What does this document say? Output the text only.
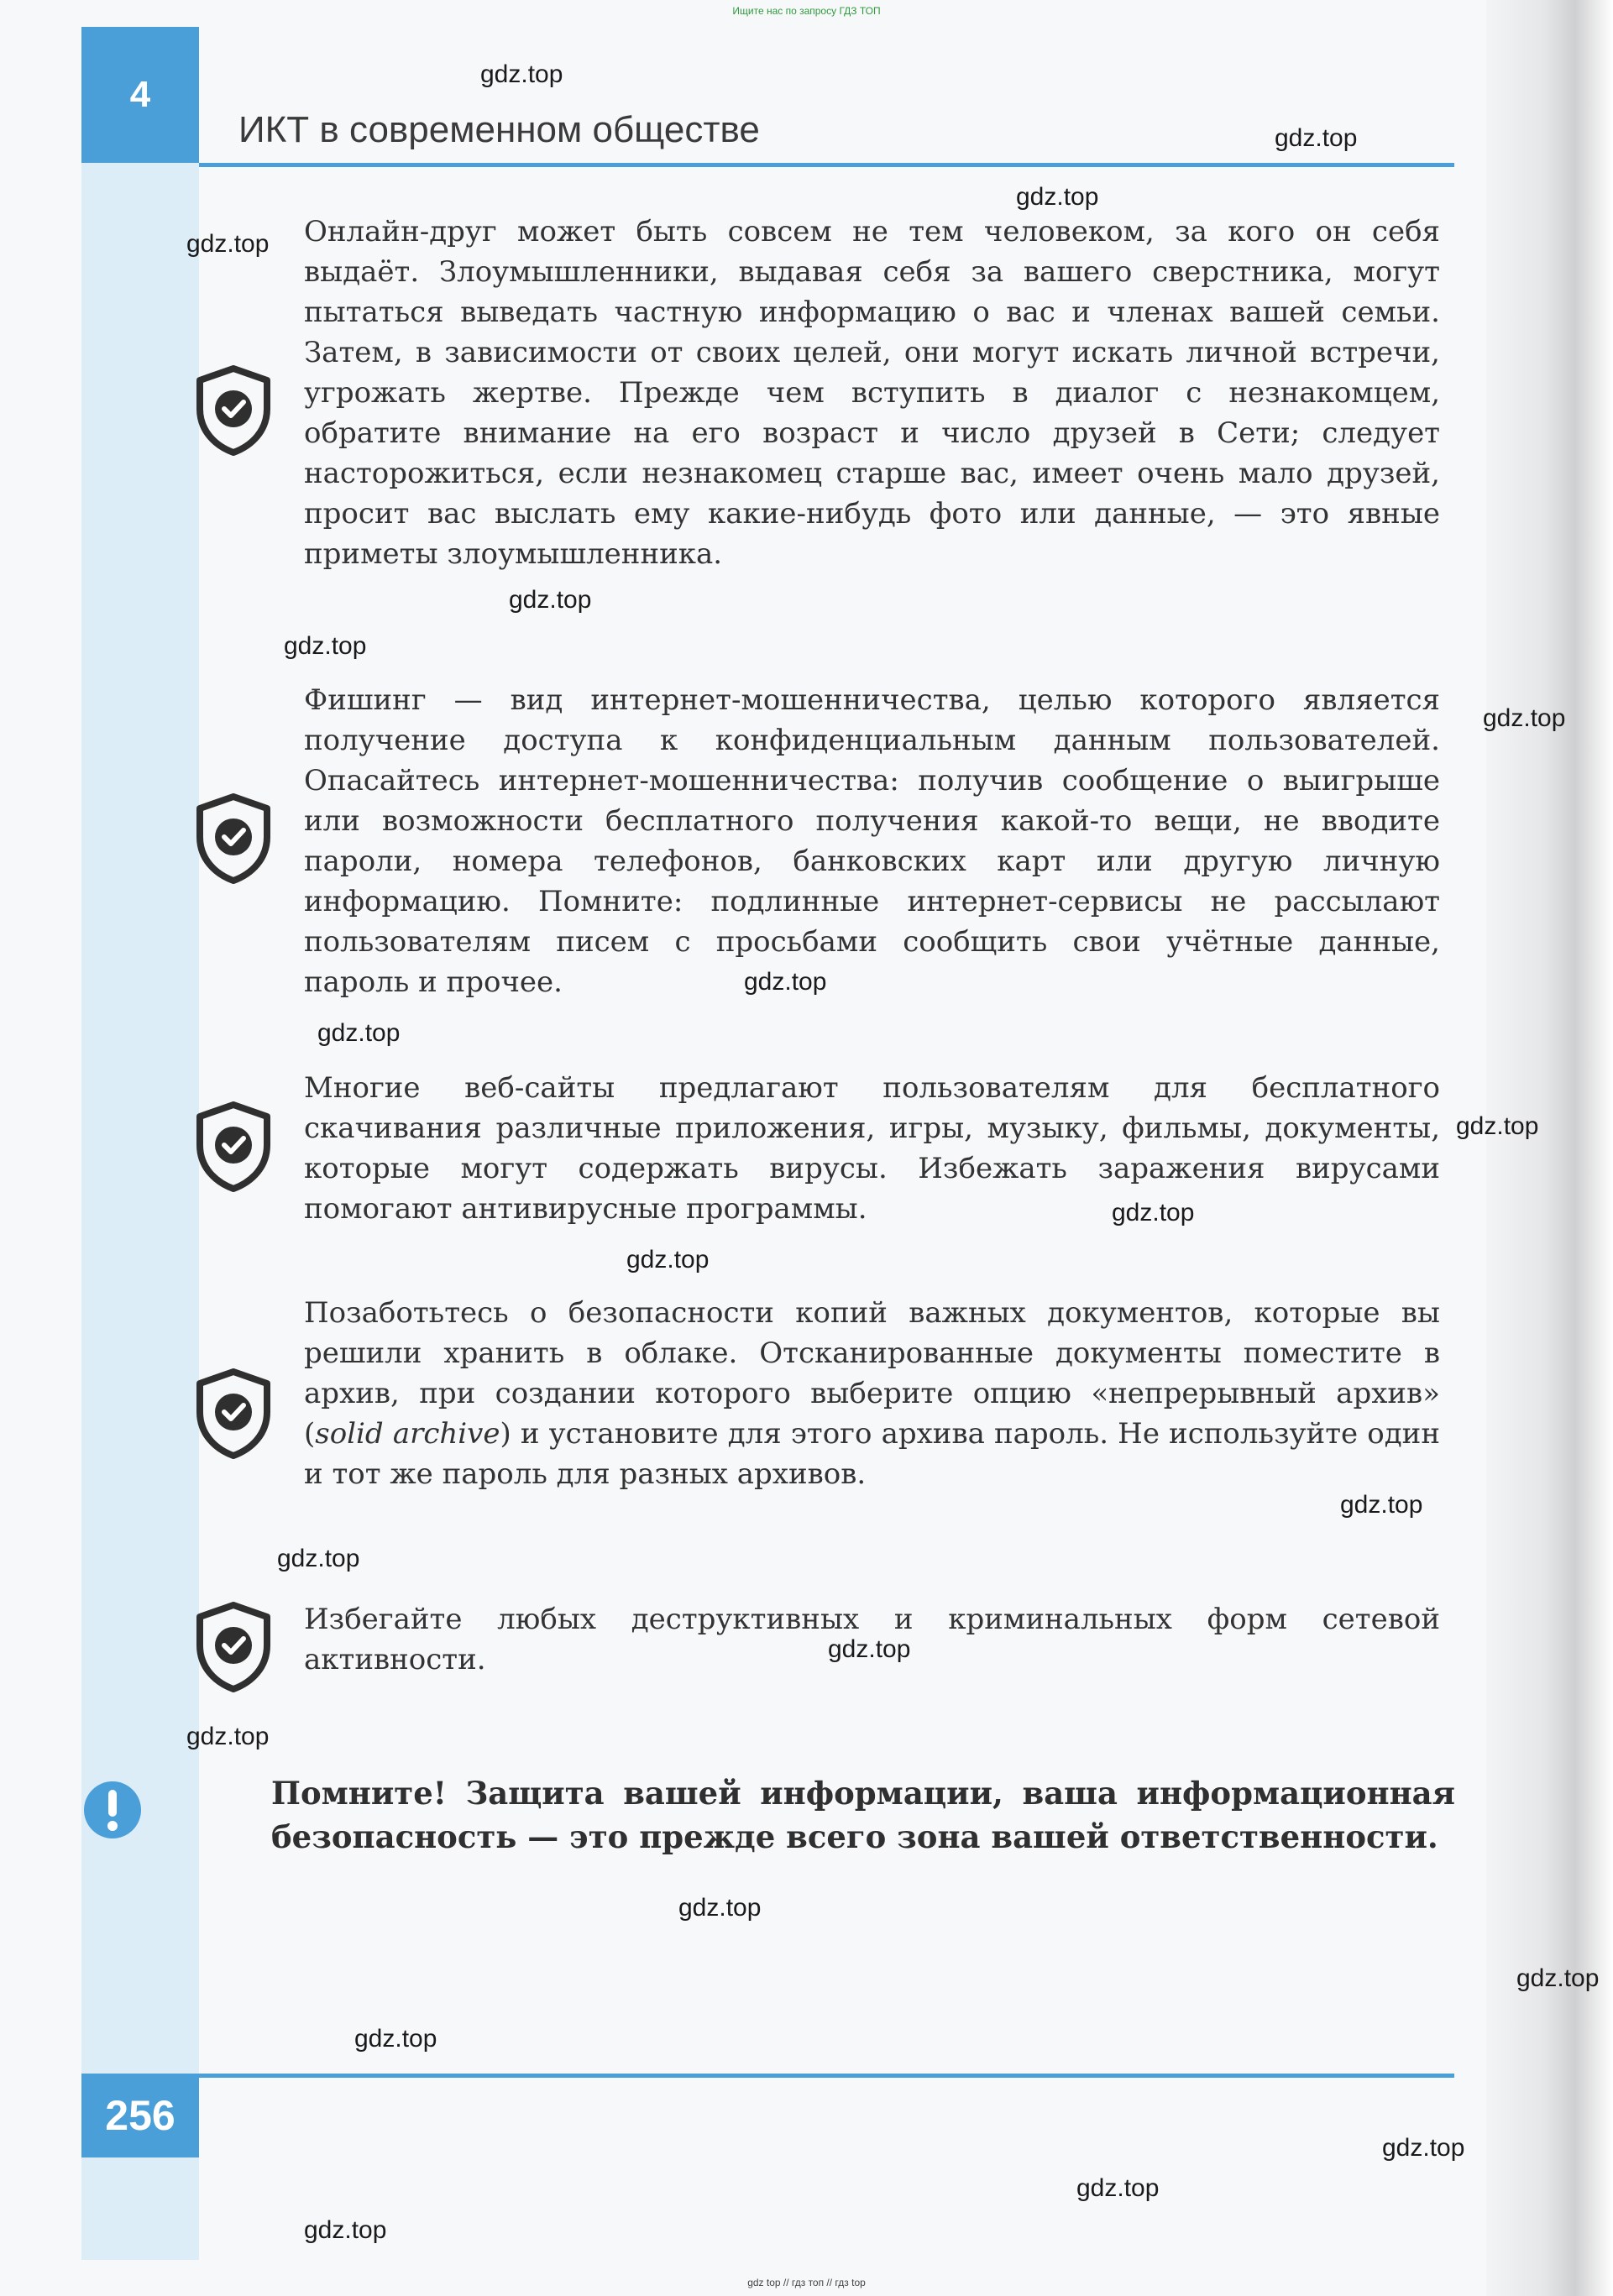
Ищите нас по запросу ГДЗ ТОП
4
ИКТ в современном обществе
Онлайн-друг может быть совсем не тем человеком, за кого он себя выдаёт. Злоумышленники, выдавая себя за вашего сверстника, могут пытаться выведать частную информацию о вас и членах вашей семьи. Затем, в зависимости от своих целей, они могут искать личной встречи, угрожать жертве. Прежде чем вступить в диалог с незнакомцем, обратите внимание на его возраст и число друзей в Сети; следует насторожиться, если незнакомец старше вас, имеет очень мало друзей, просит вас выслать ему какие-нибудь фото или данные, — это явные приметы злоумышленника.
Фишинг — вид интернет-мошенничества, целью которого является получение доступа к конфиденциальным данным пользователей. Опасайтесь интернет-мошенничества: получив сообщение о выигрыше или возможности бесплатного получения какой-то вещи, не вводите пароли, номера телефонов, банковских карт или другую личную информацию. Помните: подлинные интернет-сервисы не рассылают пользователям писем с просьбами сообщить свои учётные данные, пароль и прочее.
Многие веб-сайты предлагают пользователям для бесплатного скачивания различные приложения, игры, музыку, фильмы, документы, которые могут содержать вирусы. Избежать заражения вирусами помогают антивирусные программы.
Позаботьтесь о безопасности копий важных документов, которые вы решили хранить в облаке. Отсканированные документы поместите в архив, при создании которого выберите опцию «непрерывный архив» (solid archive) и установите для этого архива пароль. Не используйте один и тот же пароль для разных архивов.
Избегайте любых деструктивных и криминальных форм сетевой активности.
Помните! Защита вашей информации, ваша информационная безопасность — это прежде всего зона вашей ответственности.
256
gdz.top
gdz.top
gdz.top
gdz.top
gdz.top
gdz.top
gdz.top
gdz.top
gdz.top
gdz.top
gdz.top
gdz.top
gdz.top
gdz.top
gdz.top
gdz.top
gdz.top
gdz.top
gdz.top
gdz.top
gdz.top
gdz.top
gdz top // гдз топ // гдз top
